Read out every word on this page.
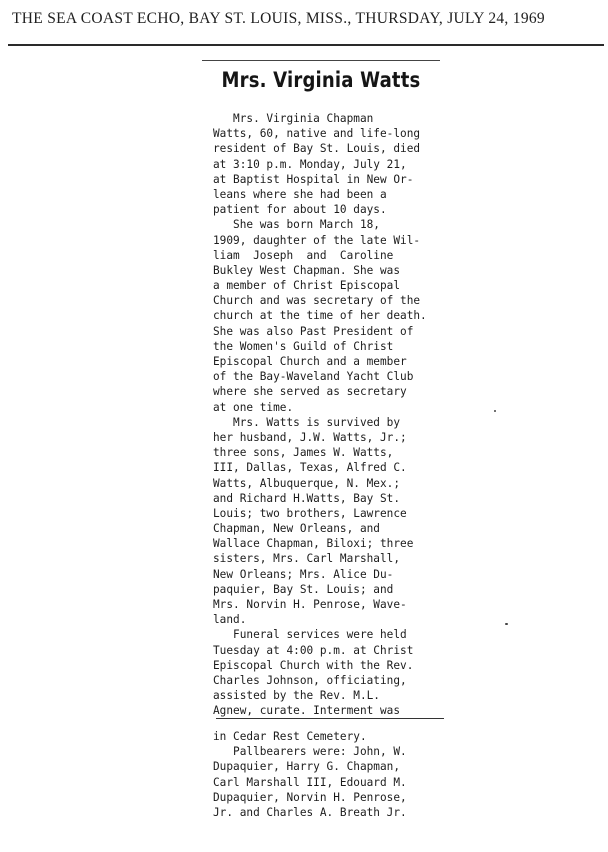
THE SEA COAST ECHO, BAY ST. LOUIS, MISS., THURSDAY, JULY 24, 1969
Mrs. Virginia Watts
Mrs. Virginia Chapman
Watts, 60, native and life-long
resident of Bay St. Louis, died
at 3:10 p.m. Monday, July 21,
at Baptist Hospital in New Or-
leans where she had been a
patient for about 10 days.
She was born March 18,
1909, daughter of the late Wil-
liam  Joseph  and  Caroline
Bukley West Chapman. She was
a member of Christ Episcopal
Church and was secretary of the
church at the time of her death.
She was also Past President of
the Women's Guild of Christ
Episcopal Church and a member
of the Bay-Waveland Yacht Club
where she served as secretary
at one time.
Mrs. Watts is survived by
her husband, J.W. Watts, Jr.;
three sons, James W. Watts,
III, Dallas, Texas, Alfred C.
Watts, Albuquerque, N. Mex.;
and Richard H.Watts, Bay St.
Louis; two brothers, Lawrence
Chapman, New Orleans, and
Wallace Chapman, Biloxi; three
sisters, Mrs. Carl Marshall,
New Orleans; Mrs. Alice Du-
paquier, Bay St. Louis; and
Mrs. Norvin H. Penrose, Wave-
land.
Funeral services were held
Tuesday at 4:00 p.m. at Christ
Episcopal Church with the Rev.
Charles Johnson, officiating,
assisted by the Rev. M.L.
Agnew, curate. Interment was
in Cedar Rest Cemetery.
Pallbearers were: John, W.
Dupaquier, Harry G. Chapman,
Carl Marshall III, Edouard M.
Dupaquier, Norvin H. Penrose,
Jr. and Charles A. Breath Jr.
